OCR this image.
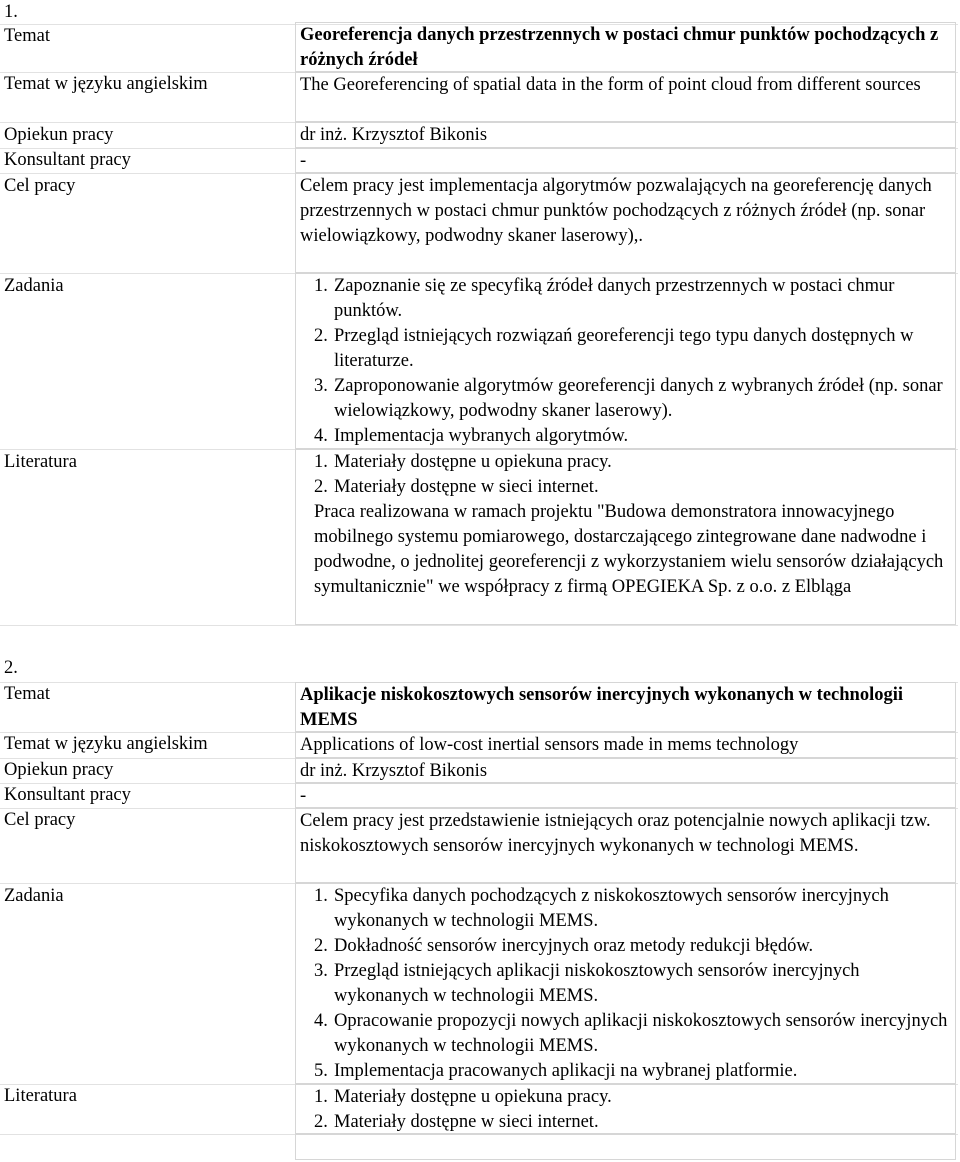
1.
Temat	Georeferencja danych przestrzennych w postaci chmur punktów pochodzących z różnych źródeł
Temat w języku angielskim	The Georeferencing of spatial data in the form of point cloud from different sources
Opiekun pracy	dr inż. Krzysztof Bikonis
Konsultant pracy	-
Cel pracy	Celem pracy jest implementacja algorytmów pozwalających na georeferencję danych przestrzennych w postaci chmur punktów pochodzących z różnych źródeł (np. sonar wielowiązkowy, podwodny skaner laserowy),.
Zadania	1. Zapoznanie się ze specyfiką źródeł danych przestrzennych w postaci chmur punktów.
2. Przegląd istniejących rozwiązań georeferencji tego typu danych dostępnych w literaturze.
3. Zaproponowanie algorytmów georeferencji danych z wybranych źródeł (np. sonar wielowiązkowy, podwodny skaner laserowy).
4. Implementacja wybranych algorytmów.
Literatura	1. Materiały dostępne u opiekuna pracy.
2. Materiały dostępne w sieci internet.
Praca realizowana w ramach projektu "Budowa demonstratora innowacyjnego mobilnego systemu pomiarowego, dostarczającego zintegrowane dane nadwodne i podwodne, o jednolitej georeferencji z wykorzystaniem wielu sensorów działających symultanicznie" we współpracy z firmą OPEGIEKA Sp. z o.o. z Elbląga
2.
Temat	Aplikacje niskokosztowych sensorów inercyjnych wykonanych w technologii MEMS
Temat w języku angielskim	Applications of low-cost inertial sensors made in mems technology
Opiekun pracy	dr inż. Krzysztof Bikonis
Konsultant pracy	-
Cel pracy	Celem pracy jest przedstawienie istniejących oraz potencjalnie nowych aplikacji tzw. niskokosztowych sensorów inercyjnych wykonanych w technologi MEMS.
Zadania	1. Specyfika danych pochodzących z niskokosztowych sensorów inercyjnych wykonanych w technologii MEMS.
2. Dokładność sensorów inercyjnych oraz metody redukcji błędów.
3. Przegląd istniejących aplikacji niskokosztowych sensorów inercyjnych wykonanych w technologii MEMS.
4. Opracowanie propozycji nowych aplikacji niskokosztowych sensorów inercyjnych wykonanych w technologii MEMS.
5. Implementacja pracowanych aplikacji na wybranej platformie.
Literatura	1. Materiały dostępne u opiekuna pracy.
2. Materiały dostępne w sieci internet.
